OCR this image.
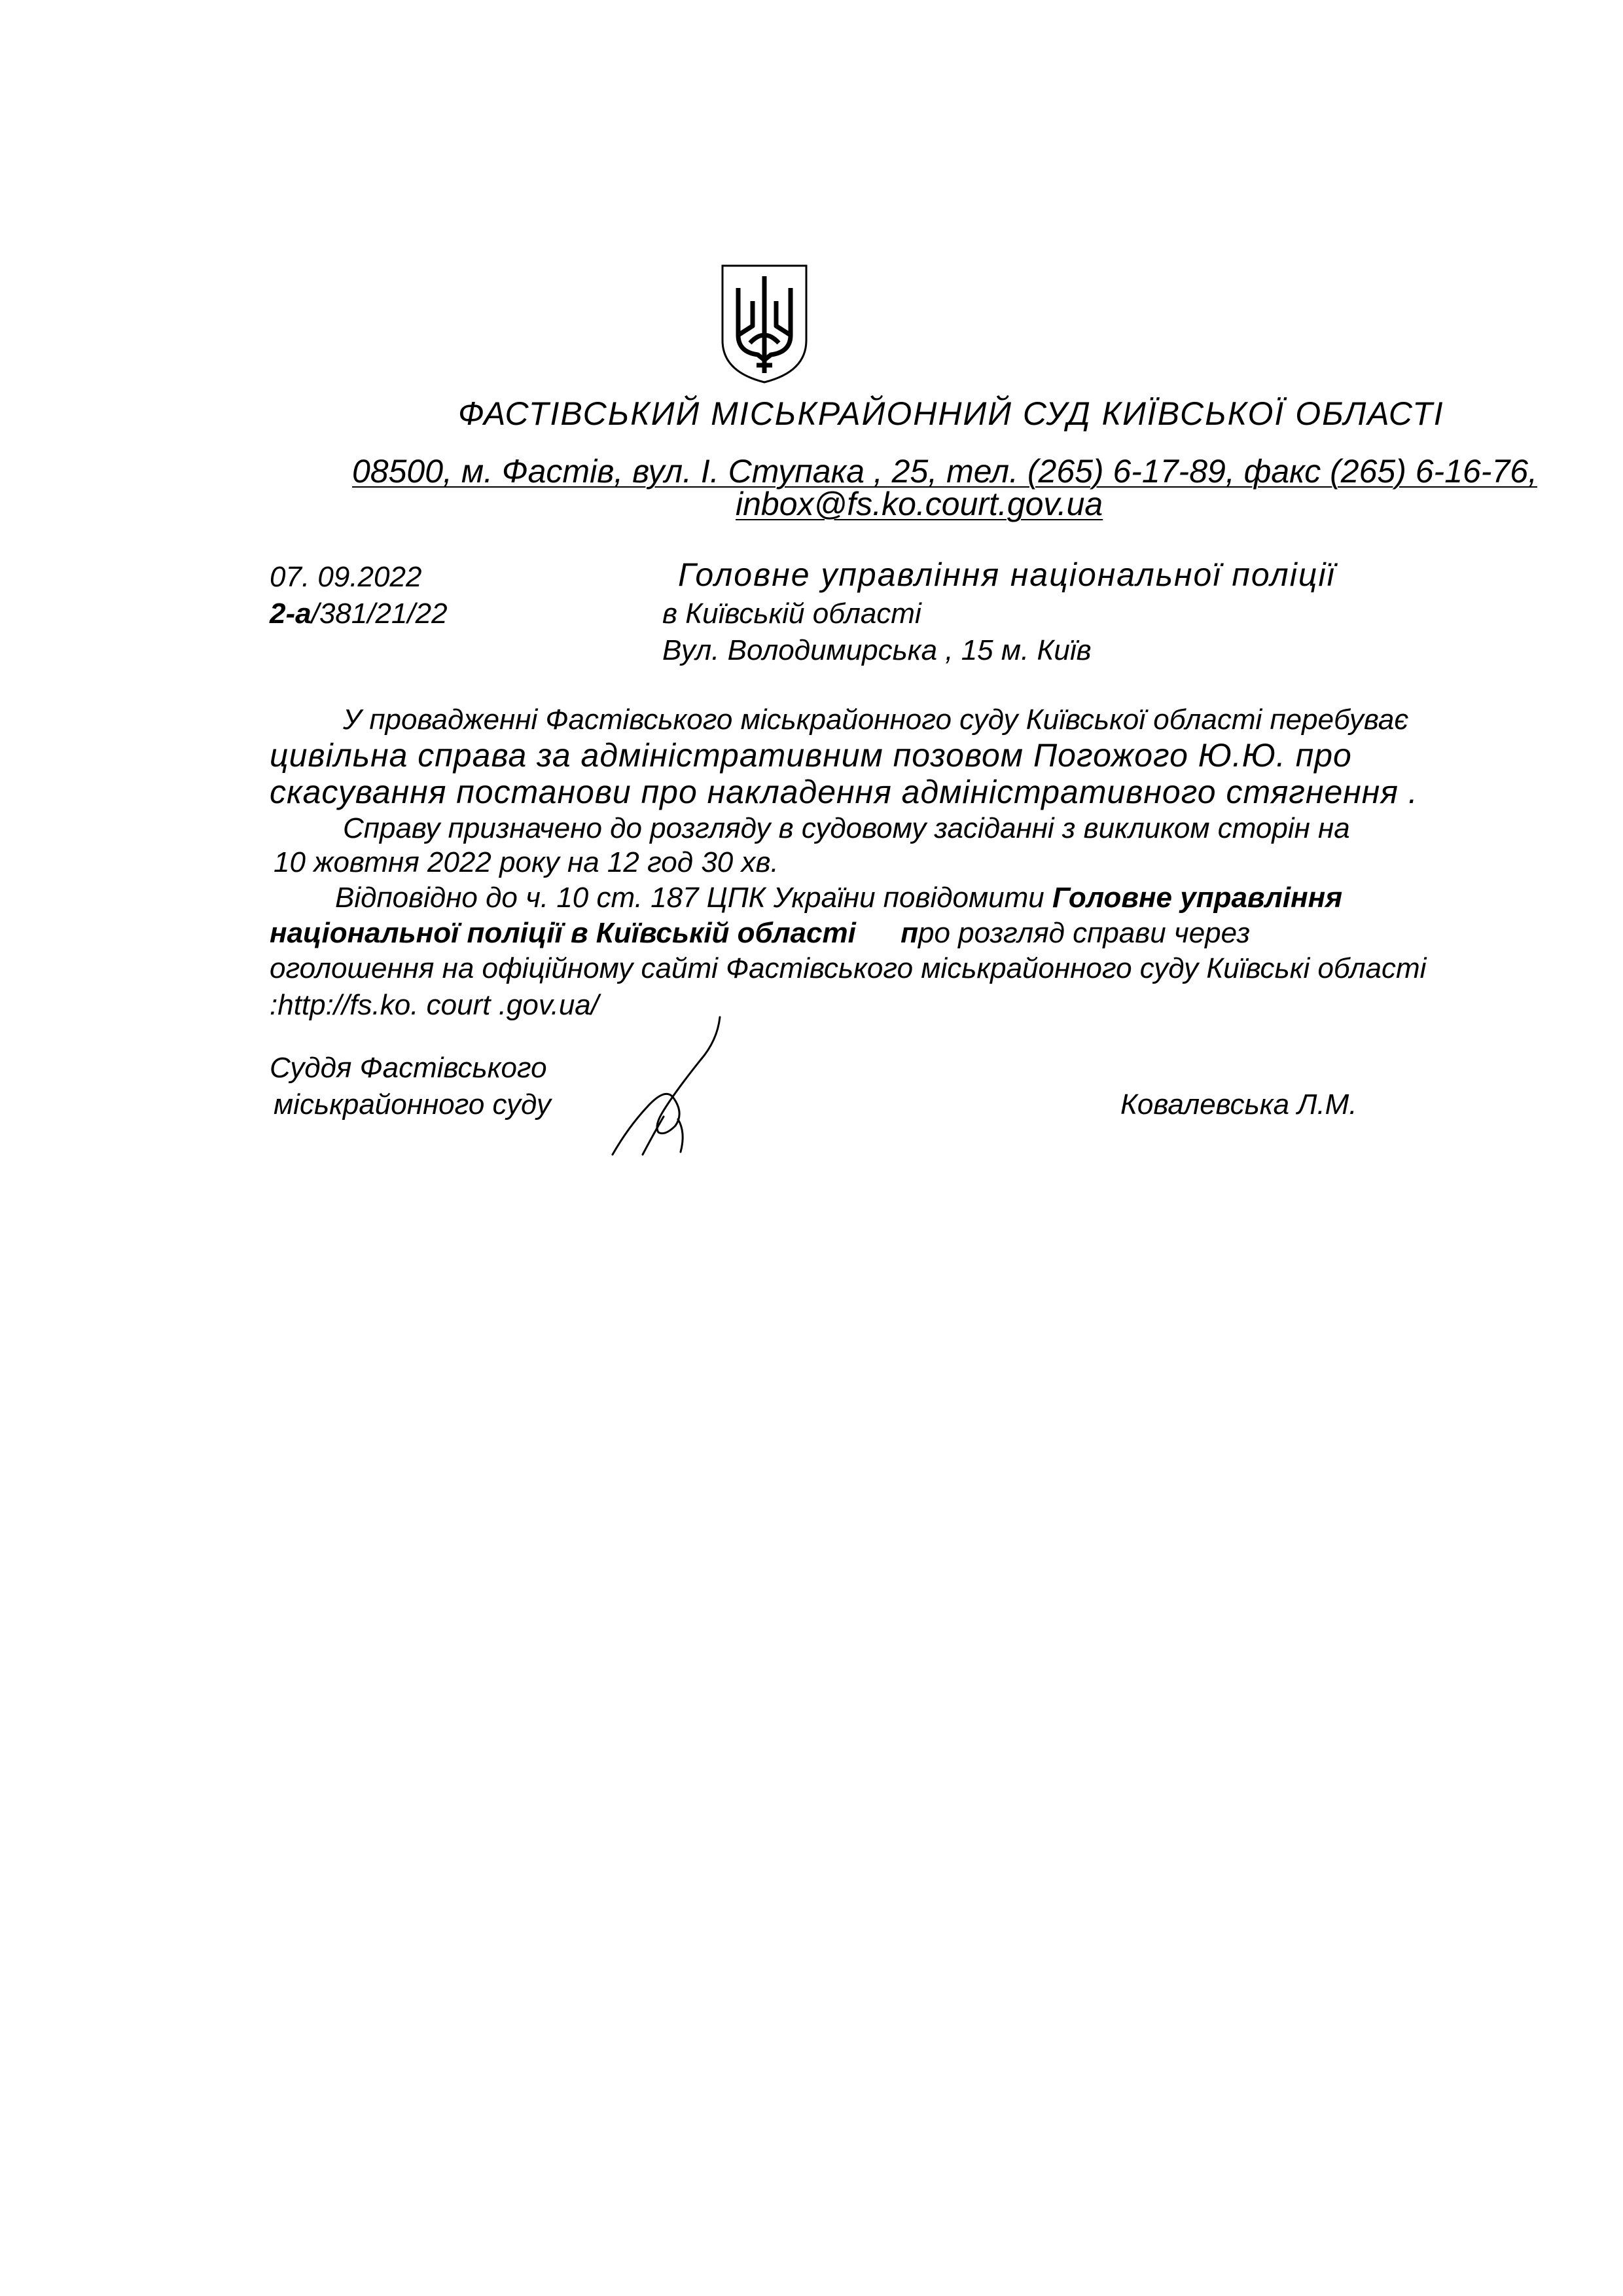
ФАСТІВСЬКИЙ МІСЬКРАЙОННИЙ СУД КИЇВСЬКОЇ ОБЛАСТІ
08500, м. Фастів, вул. І. Ступака , 25, тел. (265) 6-17-89, факс (265) 6-16-76,
inbox@fs.ko.court.gov.ua
07. 09.2022
2-а/381/21/22
Головне управління національної поліції
в Київській області
Вул. Володимирська , 15 м. Київ
У провадженні Фастівського міськрайонного суду Київської області перебуває
цивільна справа за адміністративним позовом Погожого Ю.Ю. про
скасування постанови про накладення адміністративного стягнення .
Справу призначено до розгляду в судовому засіданні з викликом сторін на
10 жовтня 2022 року на 12 год 30 хв.
Відповідно до ч. 10 ст. 187 ЦПК України повідомити Головне управління
національної поліції в Київській області про розгляд справи через
оголошення на офіційному сайті Фастівського міськрайонного суду Київські області
:http://fs.ko. court .gov.ua/
Суддя Фастівського
міськрайонного суду	Ковалевська Л.М.
